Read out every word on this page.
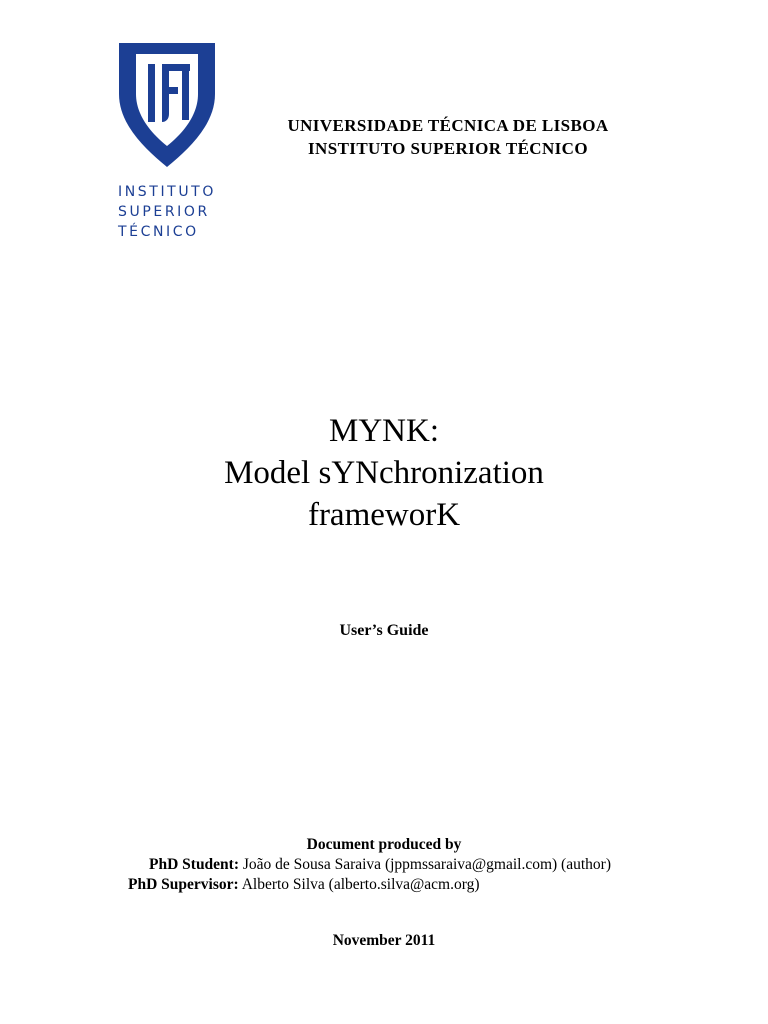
INSTITUTO
SUPERIOR
TÉCNICO
UNIVERSIDADE TÉCNICA DE LISBOA
INSTITUTO SUPERIOR TÉCNICO
MYNK:
Model sYNchronization
frameworK
User’s Guide
Document produced by
PhD Student: João de Sousa Saraiva (jppmssaraiva@gmail.com) (author)
PhD Supervisor: Alberto Silva (alberto.silva@acm.org)
November 2011
